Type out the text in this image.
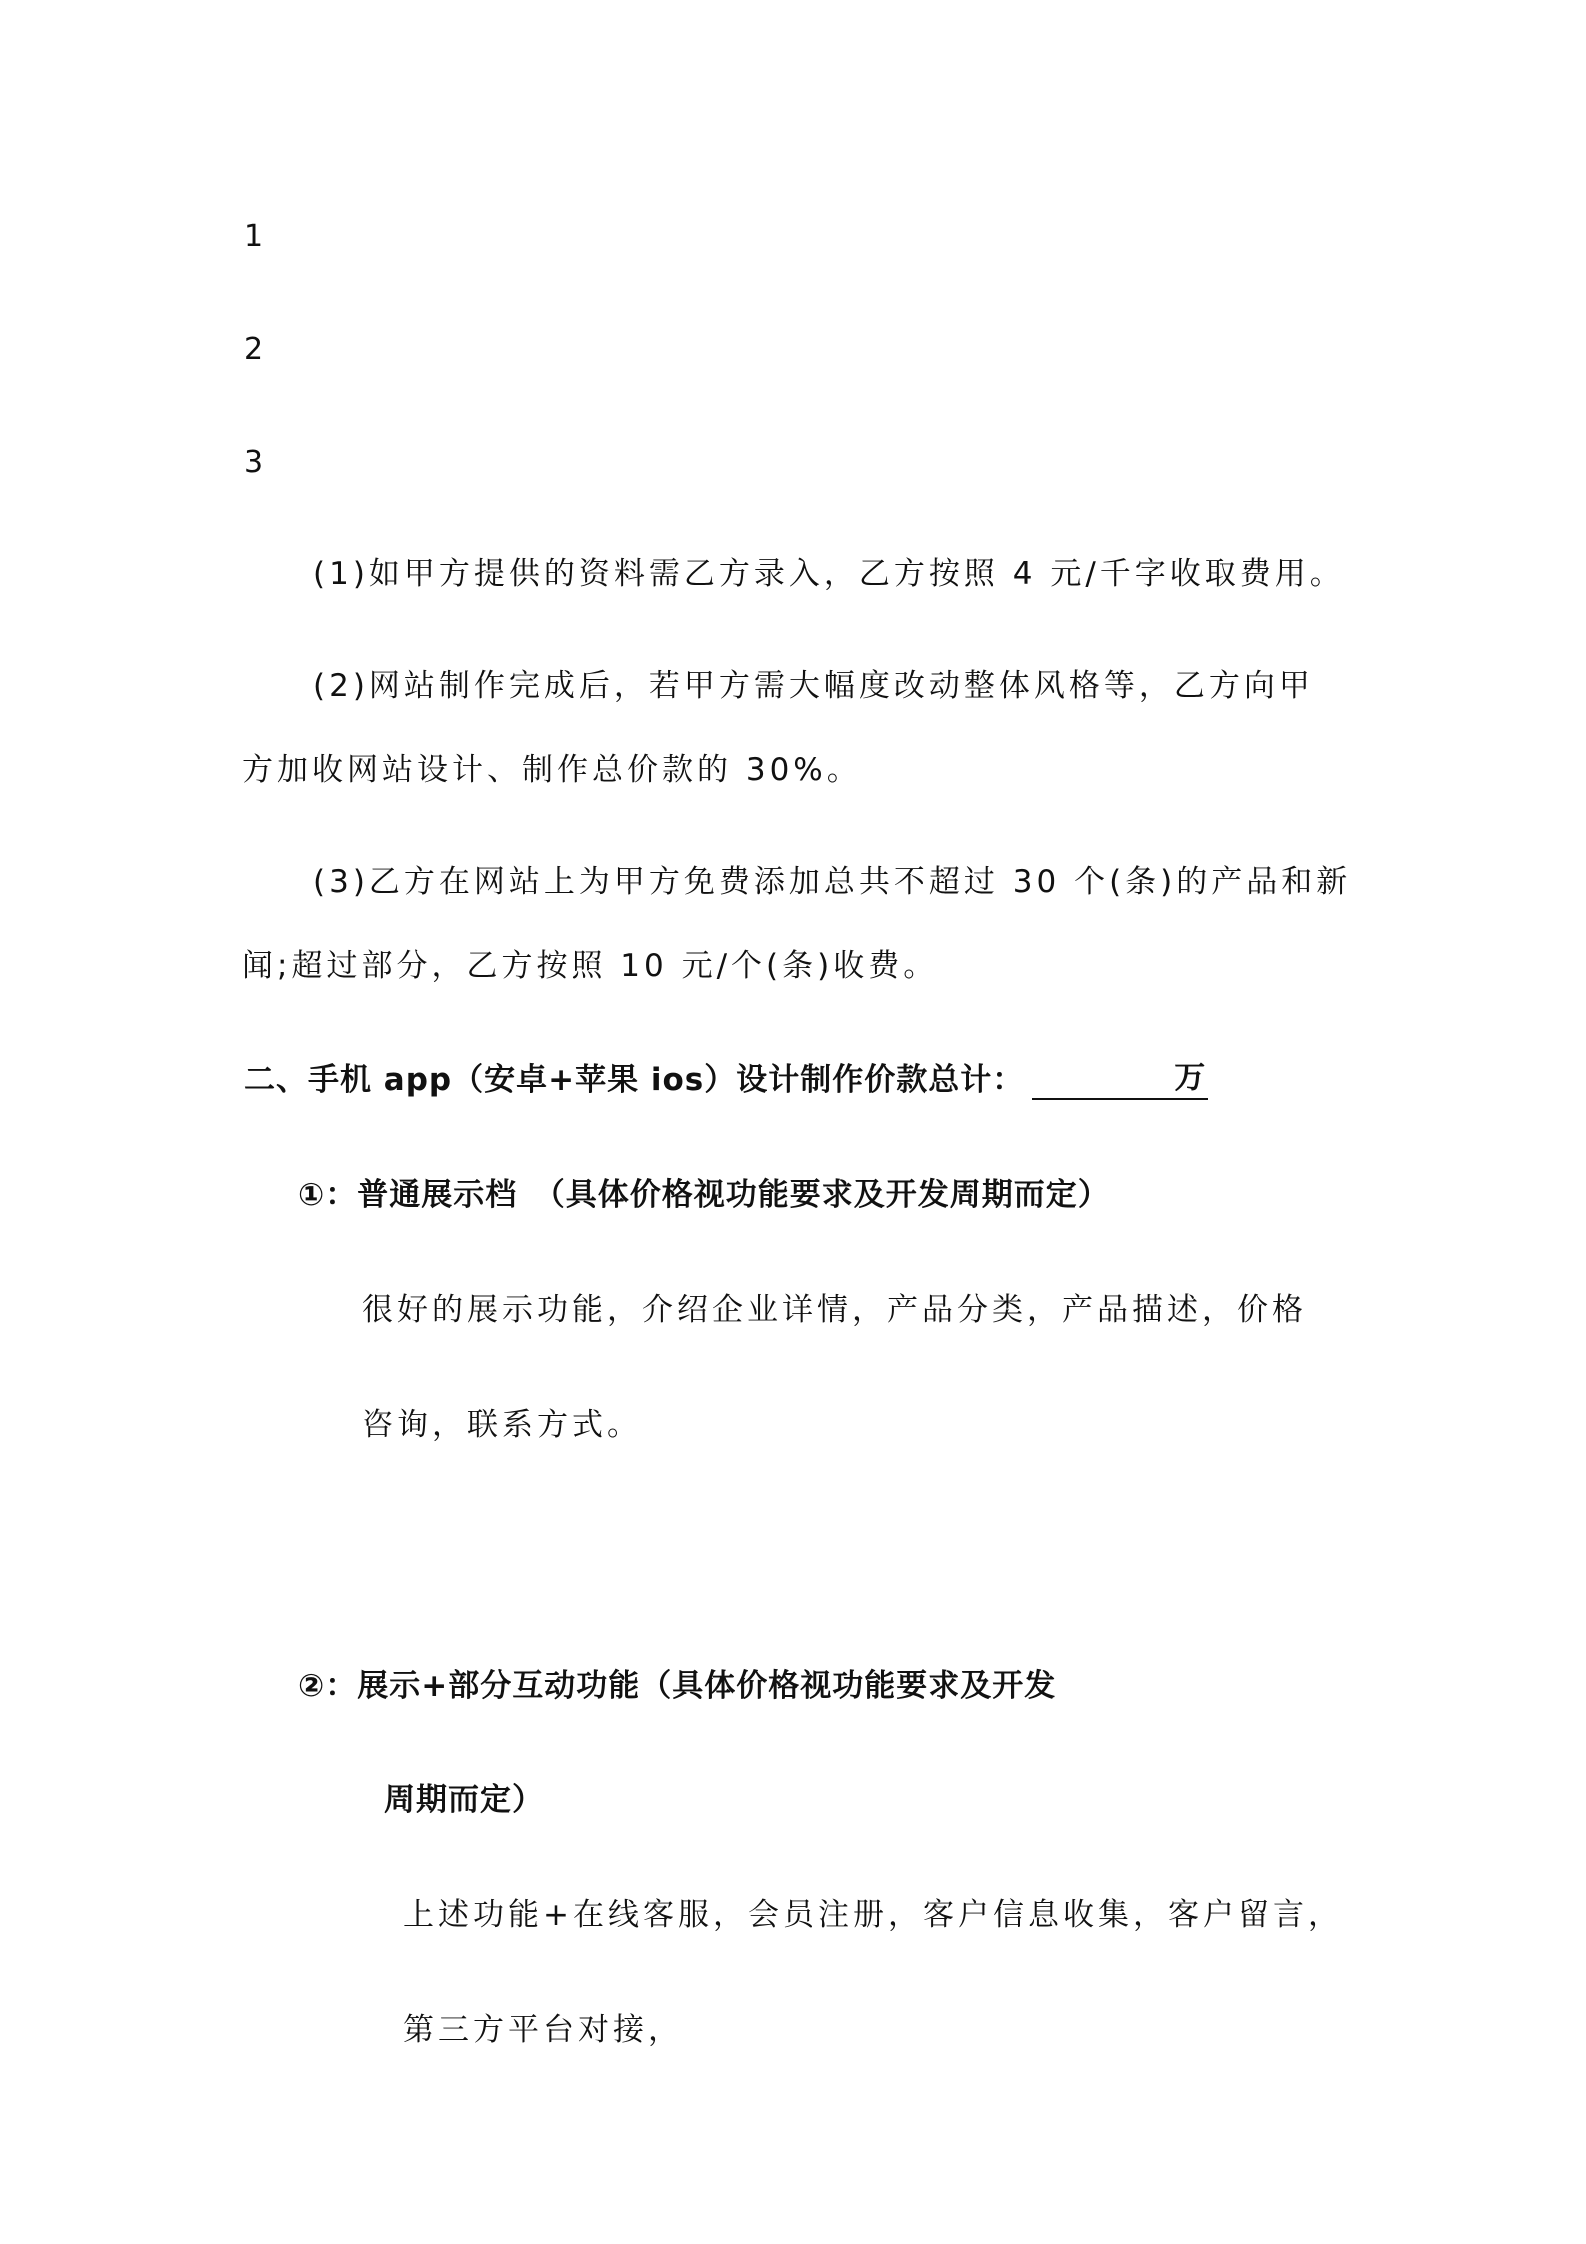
1
2
3
(1)如甲方提供的资料需乙方录入，乙方按照 4 元/千字收取费用。
(2)网站制作完成后，若甲方需大幅度改动整体风格等，乙方向甲
方加收网站设计、制作总价款的 30%。
(3)乙方在网站上为甲方免费添加总共不超过 30 个(条)的产品和新
闻;超过部分，乙方按照 10 元/个(条)收费。
二、手机 app（安卓+苹果 ios）设计制作价款总计：	万
①：普通展示档　（具体价格视功能要求及开发周期而定）
很好的展示功能，介绍企业详情，产品分类，产品描述，价格
咨询，联系方式。
②：展示+部分互动功能（具体价格视功能要求及开发
周期而定）
上述功能+在线客服，会员注册，客户信息收集，客户留言，
第三方平台对接，
